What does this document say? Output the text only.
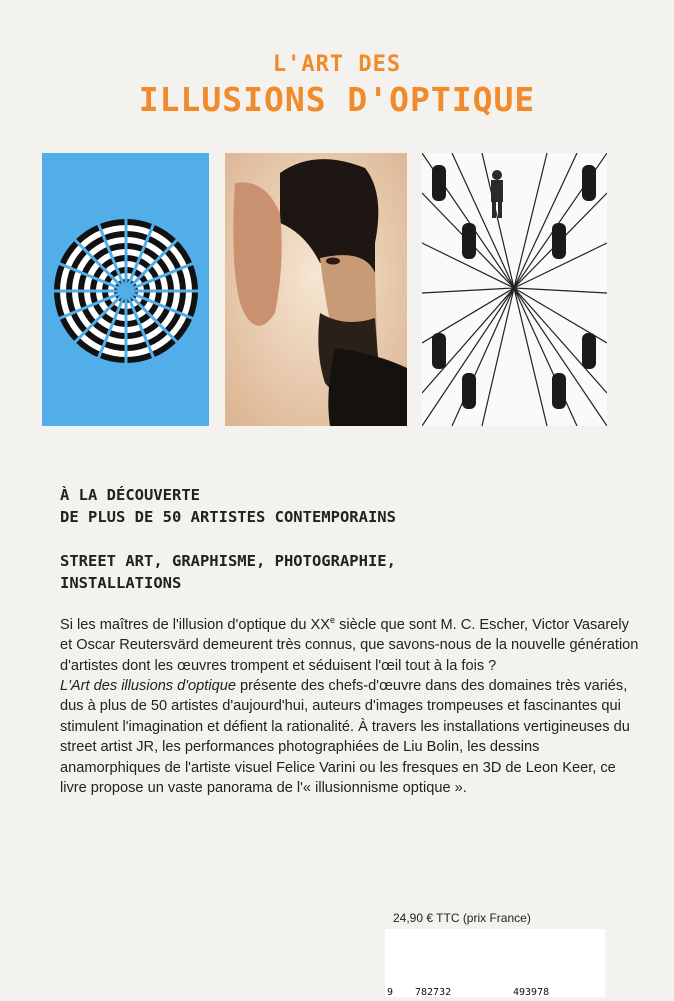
L'ART DES
ILLUSIONS D'OPTIQUE
À LA DÉCOUVERTE
DE PLUS DE 50 ARTISTES CONTEMPORAINS
STREET ART, GRAPHISME, PHOTOGRAPHIE,
INSTALLATIONS

Si les maîtres de l'illusion d'optique du XXe siècle que sont M. C. Escher, Victor Vasarely et Oscar Reutersvärd demeurent très connus, que savons-nous de la nouvelle génération d'artistes dont les œuvres trompent et séduisent l'œil tout à la fois ?

L'Art des illusions d'optique présente des chefs-d'œuvre dans des domaines très variés, dus à plus de 50 artistes d'aujourd'hui, auteurs d'images trompeuses et fascinantes qui stimulent l'imagination et défient la rationalité. À travers les installations vertigineuses du street artist JR, les performances photographiées de Liu Bolin, les dessins anamorphiques de l'artiste visuel Felice Varini ou les fresques en 3D de Leon Keer, ce livre propose un vaste panorama de l'« illusionnisme optique ».

24,90 € TTC (prix France)
9 782732	493978
